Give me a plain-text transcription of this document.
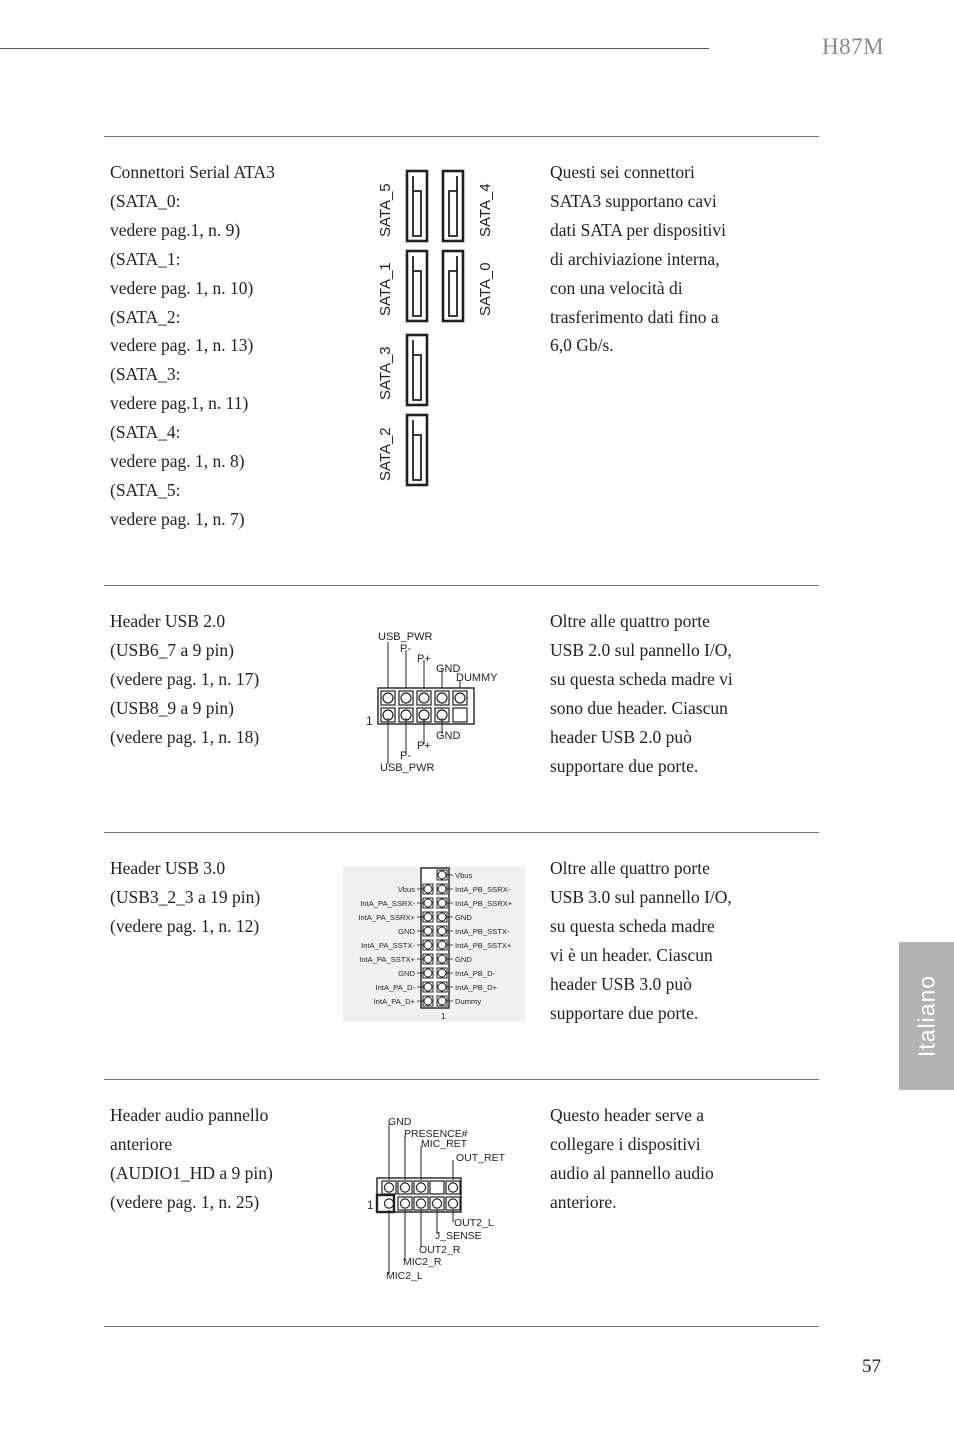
H87M
Connettori Serial ATA3
(SATA_0:
vedere pag.1, n. 9)
(SATA_1:
vedere pag. 1, n. 10)
(SATA_2:
vedere pag. 1, n. 13)
(SATA_3:
vedere pag.1, n. 11)
(SATA_4:
vedere pag. 1, n. 8)
(SATA_5:
vedere pag. 1, n. 7)
SATA_5
SATA_1
SATA_3
SATA_2
SATA_4
SATA_0
Questi sei connettori
SATA3 supportano cavi
dati SATA per dispositivi
di archiviazione interna,
con una velocità di
trasferimento dati fino a
6,0 Gb/s.
Header USB 2.0
(USB6_7 a 9 pin)
(vedere pag. 1, n. 17)
(USB8_9 a 9 pin)
(vedere pag. 1, n. 18)
USB_PWR
P-
P+
GND
DUMMY
1
GND
P+
P-
USB_PWR
Oltre alle quattro porte
USB 2.0 sul pannello I/O,
su questa scheda madre vi
sono due header. Ciascun
header USB 2.0 può
supportare due porte.
Header USB 3.0
(USB3_2_3 a 19 pin)
(vedere pag. 1, n. 12)
Vbus
IntA_PB_SSRX-
IntA_PB_SSRX+
GND
IntA_PB_SSTX-
IntA_PB_SSTX+
GND
IntA_PB_D-
IntA_PB_D+
Dummy
Vbus
IntA_PA_SSRX-
IntA_PA_SSRX+
GND
IntA_PA_SSTX-
IntA_PA_SSTX+
GND
IntA_PA_D-
IntA_PA_D+
1
Oltre alle quattro porte
USB 3.0 sul pannello I/O,
su questa scheda madre
vi è un header. Ciascun
header USB 3.0 può
supportare due porte.
Header audio pannello
anteriore
(AUDIO1_HD a 9 pin)
(vedere pag. 1, n. 25)
GND
PRESENCE#
MIC_RET
OUT_RET
1
OUT2_L
J_SENSE
OUT2_R
MIC2_R
MIC2_L
Questo header serve a
collegare i dispositivi
audio al pannello audio
anteriore.
Italiano
57
